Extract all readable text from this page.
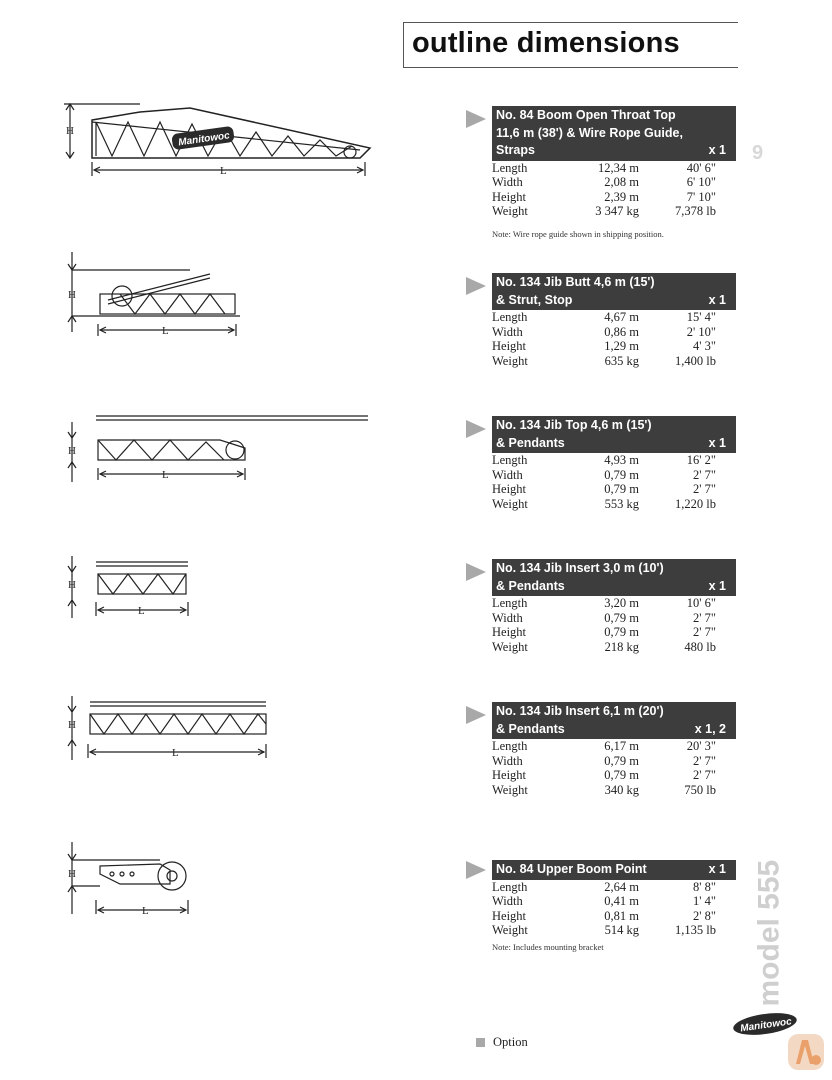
outline dimensions
9
model 555
Manitowoc
H
L
H
L
H
L
H
L
H
L
H
L
No. 84 Boom Open Throat Top
11,6 m (38') & Wire Rope Guide,
Straps	x 1
Length	12,34 m	40' 6"
Width	2,08 m	6' 10"
Height	2,39 m	7' 10"
Weight	3 347 kg	7,378 lb
Note: Wire rope guide shown in shipping position.
No. 134 Jib Butt 4,6 m (15')
& Strut, Stop	x 1
Length	4,67 m	15' 4"
Width	0,86 m	2' 10"
Height	1,29 m	4' 3"
Weight	635 kg	1,400 lb
No. 134 Jib Top 4,6 m (15')
& Pendants	x 1
Length	4,93 m	16' 2"
Width	0,79 m	2' 7"
Height	0,79 m	2' 7"
Weight	553 kg	1,220 lb
No. 134 Jib Insert 3,0 m (10')
& Pendants	x 1
Length	3,20 m	10' 6"
Width	0,79 m	2' 7"
Height	0,79 m	2' 7"
Weight	218 kg	480 lb
No. 134 Jib Insert 6,1 m (20')
& Pendants	x 1, 2
Length	6,17 m	20' 3"
Width	0,79 m	2' 7"
Height	0,79 m	2' 7"
Weight	340 kg	750 lb
No. 84 Upper Boom Point	x 1
Length	2,64 m	8' 8"
Width	0,41 m	1' 4"
Height	0,81 m	2' 8"
Weight	514 kg	1,135 lb
Note: Includes mounting bracket
Manitowoc
Option
